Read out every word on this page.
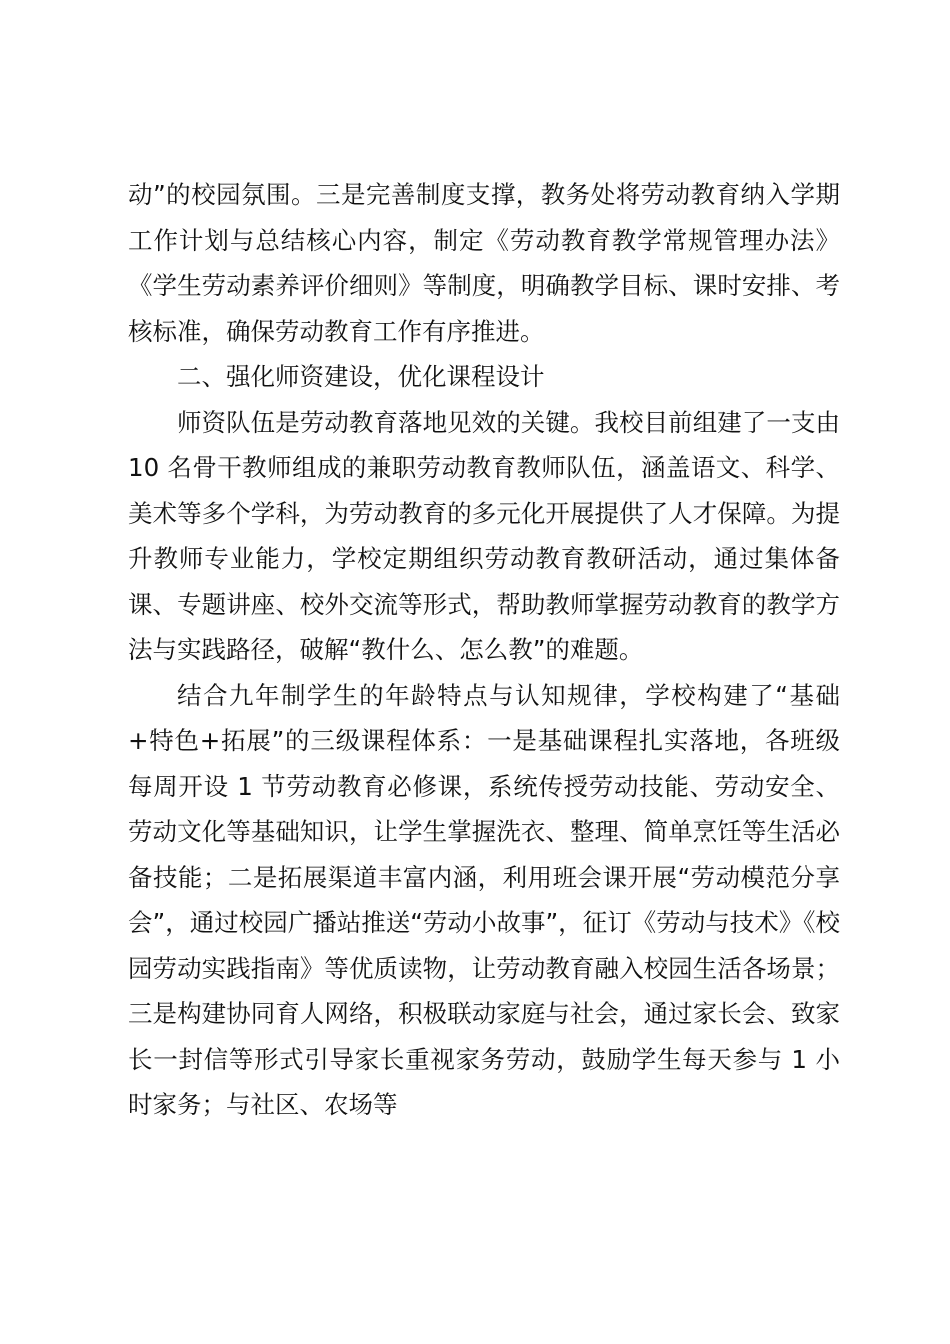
动”的校园氛围。三是完善制度支撑，教务处将劳动教育纳入学期工作计划与总结核心内容，制定《劳动教育教学常规管理办法》《学生劳动素养评价细则》等制度，明确教学目标、课时安排、考核标准，确保劳动教育工作有序推进。

二、强化师资建设，优化课程设计

师资队伍是劳动教育落地见效的关键。我校目前组建了一支由 10 名骨干教师组成的兼职劳动教育教师队伍，涵盖语文、科学、美术等多个学科，为劳动教育的多元化开展提供了人才保障。为提升教师专业能力，学校定期组织劳动教育教研活动，通过集体备课、专题讲座、校外交流等形式，帮助教师掌握劳动教育的教学方法与实践路径，破解“教什么、怎么教”的难题。

结合九年制学生的年龄特点与认知规律，学校构建了“基础+特色+拓展”的三级课程体系：一是基础课程扎实落地，各班级每周开设 1 节劳动教育必修课，系统传授劳动技能、劳动安全、劳动文化等基础知识，让学生掌握洗衣、整理、简单烹饪等生活必备技能；二是拓展渠道丰富内涵，利用班会课开展“劳动模范分享会”，通过校园广播站推送“劳动小故事”，征订《劳动与技术》《校园劳动实践指南》等优质读物，让劳动教育融入校园生活各场景；三是构建协同育人网络，积极联动家庭与社会，通过家长会、致家长一封信等形式引导家长重视家务劳动，鼓励学生每天参与 1 小时家务；与社区、农场等
